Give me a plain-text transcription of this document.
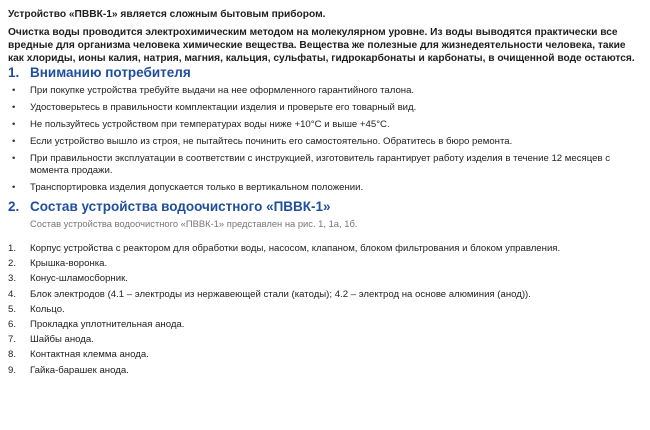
Устройство «ПВВК-1» является сложным бытовым прибором.

Очистка воды проводится электрохимическим методом на молекулярном уровне. Из воды выводятся практически все вредные для организма человека химические вещества. Вещества же полезные для жизнедеятельности человека, такие как хлориды, ионы калия, натрия, магния, кальция, сульфаты, гидрокарбонаты и карбонаты, в очищенной воде остаются.

1. Вниманию потребителя
• При покупке устройства требуйте выдачи на нее оформленного гарантийного талона.
• Удостоверьтесь в правильности комплектации изделия и проверьте его товарный вид.
• Не пользуйтесь устройством при температурах воды ниже +10°С и выше +45°С.
• Если устройство вышло из строя, не пытайтесь починить его самостоятельно. Обратитесь в бюро ремонта.
• При правильности эксплуатации в соответствии с инструкцией, изготовитель гарантирует работу изделия в течение 12 месяцев с момента продажи.
• Транспортировка изделия допускается только в вертикальном положении.
2. Состав устройства водоочистного «ПВВК-1»
Состав устройства водоочистного «ПВВК-1» представлен на рис. 1, 1а, 1б.
1. Корпус устройства с реактором для обработки воды, насосом, клапаном, блоком фильтрования и блоком управления.
2. Крышка-воронка.
3. Конус-шламосборник.
4. Блок электродов (4.1 – электроды из нержавеющей стали (катоды); 4.2 – электрод на основе алюминия (анод)).
5. Кольцо.
6. Прокладка уплотнительная анода.
7. Шайбы анода.
8. Контактная клемма анода.
9. Гайка-барашек анода.
